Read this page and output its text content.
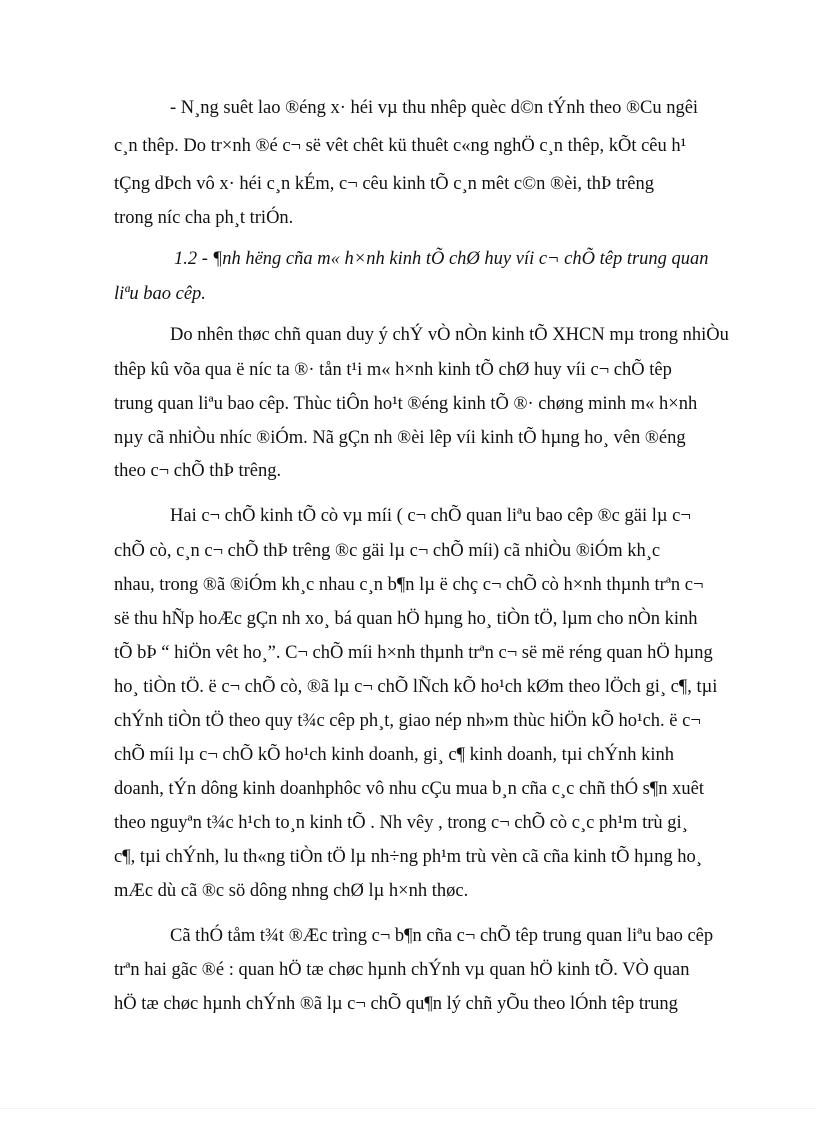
- N¸ng suêt lao ®éng x· héi vµ thu nhêp quèc d©n tÝnh theo ®Cu ngêi

c¸n thêp. Do tr×nh ®é c¬ së vêt chêt kü thuêt c«ng nghÖ c¸n thêp, kÕt cêu h¹

tÇng dÞch vô x· héi c¸n kÉm, c¬ cêu kinh tÕ c¸n mêt c©n ®èi, thÞ trêng

trong níc cha ph¸t triÓn.

1.2 - ¶nh hëng cña m« h×nh kinh tÕ chØ huy víi c¬ chÕ têp trung quan

liªu bao cêp.

Do nhên thøc chñ quan duy ý chÝ vÒ nÒn kinh tÕ XHCN mµ trong nhiÒu

thêp kû võa qua ë níc ta ®· tån t¹i m« h×nh kinh tÕ chØ huy víi c¬ chÕ têp

trung quan liªu bao cêp. Thùc tiÔn ho¹t ®éng kinh tÕ ®· chøng minh m« h×nh

nµy cã nhiÒu nhíc ®iÓm. Nã gÇn nh ®èi lêp víi kinh tÕ hµng ho¸ vên ®éng

theo c¬ chÕ thÞ trêng.

Hai c¬ chÕ kinh tÕ cò vµ míi ( c¬ chÕ quan liªu bao cêp ®c gäi lµ c¬

chÕ cò, c¸n c¬ chÕ thÞ trêng ®c gäi lµ c¬ chÕ míi) cã nhiÒu ®iÓm kh¸c

nhau, trong ®ã ®iÓm kh¸c nhau c¸n b¶n lµ ë chç c¬ chÕ cò h×nh thµnh trªn c¬

së thu hÑp hoÆc gÇn nh xo¸ bá quan hÖ hµng ho¸ tiÒn tÖ, lµm cho nÒn kinh

tÕ bÞ “ hiÖn vêt ho¸”. C¬ chÕ míi h×nh thµnh trªn c¬ së më réng quan hÖ hµng

ho¸ tiÒn tÖ. ë c¬ chÕ cò, ®ã lµ c¬ chÕ lÑch kÕ ho¹ch kØm theo lÖch gi¸ c¶, tµi

chÝnh tiÒn tÖ theo quy t¾c cêp ph¸t, giao nép nh»m thùc hiÖn kÕ ho¹ch. ë c¬

chÕ míi lµ c¬ chÕ kÕ ho¹ch kinh doanh, gi¸ c¶ kinh doanh, tµi chÝnh kinh

doanh, tÝn dông kinh doanhphôc vô nhu cÇu mua b¸n cña c¸c chñ thÓ s¶n xuêt

theo nguyªn t¾c h¹ch to¸n kinh tÕ . Nh vêy , trong c¬ chÕ cò c¸c ph¹m trù gi¸

c¶, tµi chÝnh, lu th«ng tiÒn tÖ lµ nh÷ng ph¹m trù vèn cã cña kinh tÕ hµng ho¸

mÆc dù cã ®c sö dông nhng chØ lµ h×nh thøc.

Cã thÓ tåm t¾t ®Æc trìng c¬ b¶n cña c¬ chÕ têp trung quan liªu bao cêp

trªn hai gãc ®é : quan hÖ tæ chøc hµnh chÝnh vµ quan hÖ kinh tÕ. VÒ quan

hÖ tæ chøc hµnh chÝnh ®ã lµ c¬ chÕ qu¶n lý chñ yÕu theo lÓnh têp trung
